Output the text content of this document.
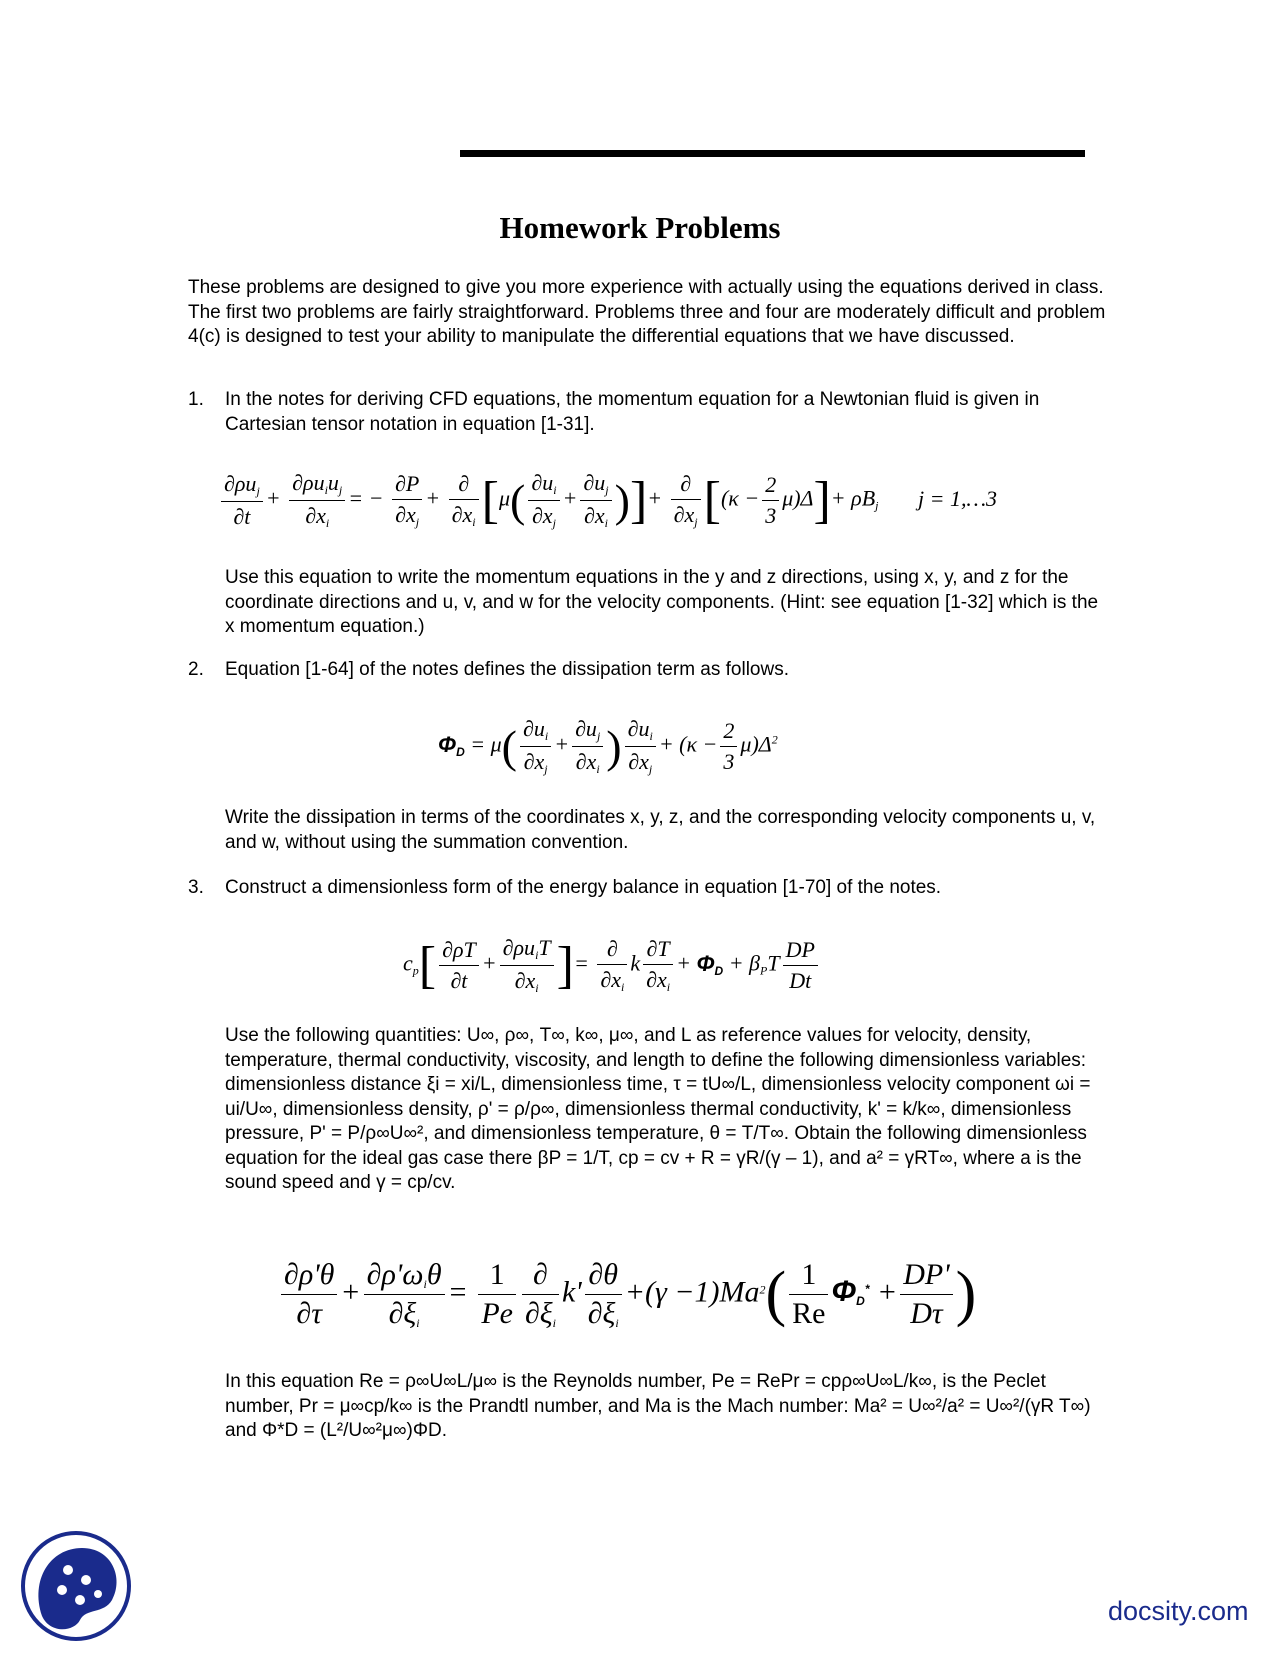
Homework Problems
These problems are designed to give you more experience with actually using the equations derived in class. The first two problems are fairly straightforward. Problems three and four are moderately difficult and problem 4(c) is designed to test your ability to manipulate the differential equations that we have discussed.
1. In the notes for deriving CFD equations, the momentum equation for a Newtonian fluid is given in Cartesian tensor notation in equation [1-31].
$\frac{\text{∂ρuj}}{\partial t} + \frac{\text{∂ρuiuj}}{\partial xi}$ = − $\frac{\partial P}{\partial xj} + \frac{\partial}{\partial xi} [\mu( \frac{\partial ui}{\partial xj} + \frac{\partial uj}{\partial xi}$ )]+ $\frac{\partial}{\partial xj} [(\kappa - \frac{2}{3} \mu)\Delta]+ \rho Bj$ j = 1,…3
Use this equation to write the momentum equations in the y and z directions, using x, y, and z for the coordinate directions and u, v, and w for the velocity components. (Hint: see equation [1-32] which is the x momentum equation.)
2. Equation [1-64] of the notes defines the dissipation term as follows.
$\Phi D = \mu( \frac{\partial ui}{\partial xj} + \frac{\partial uj}{\partial xi}$ ) $\frac{\partial ui}{\partial xj} + (\kappa - \frac{2}{3} \mu)\Delta^2$
Write the dissipation in terms of the coordinates x, y, z, and the corresponding velocity components u, v, and w, without using the summation convention.
3. Construct a dimensionless form of the energy balance in equation [1-70] of the notes.
$cp[ \frac{\partial\rho T}{\partial t} + \frac{\text{∂ρuiT}}{\partial xi}$ ]= $\frac{\partial}{\partial xi}$ k $\frac{\partial T}{\partial xi} + \Phi D + \beta PT \frac{DP}{Dt}$
Use the following quantities: U∞, ρ∞, T∞, k∞, μ∞, and L as reference values for velocity, density, temperature, thermal conductivity, viscosity, and length to define the following dimensionless variables: dimensionless distance ξi = xi/L, dimensionless time, τ = tU∞/L, dimensionless velocity component ωi = ui/U∞, dimensionless density, ρ' = ρ/ρ∞, dimensionless thermal conductivity, k' = k/k∞, dimensionless pressure, P' = P/ρ∞U∞², and dimensionless temperature, θ = T/T∞. Obtain the following dimensionless equation for the ideal gas case there βP = 1/T, cp = cv + R = γR/(γ – 1), and a² = γRT∞, where a is the sound speed and γ = cp/cv.
$\frac{\partial\rho'\theta}{\partial\tau} + \frac{\text{∂ρ'ωiθ}}{\partial\xi i} = \frac{1}{Pe} \frac{\partial}{\partial\xi i} k' \frac{\partial\theta}{\partial\xi i} +(\gamma -1)Ma^2( \frac{1}{Re} \Phi D^* + \frac{DP'}{D\tau}$ )
In this equation Re = ρ∞U∞L/μ∞ is the Reynolds number, Pe = RePr = cpρ∞U∞L/k∞, is the Peclet number, Pr = μ∞cp/k∞ is the Prandtl number, and Ma is the Mach number: Ma² = U∞²/a² = U∞²/(γR T∞) and Φ*D = (L²/U∞²μ∞)ΦD.
docsity.com
